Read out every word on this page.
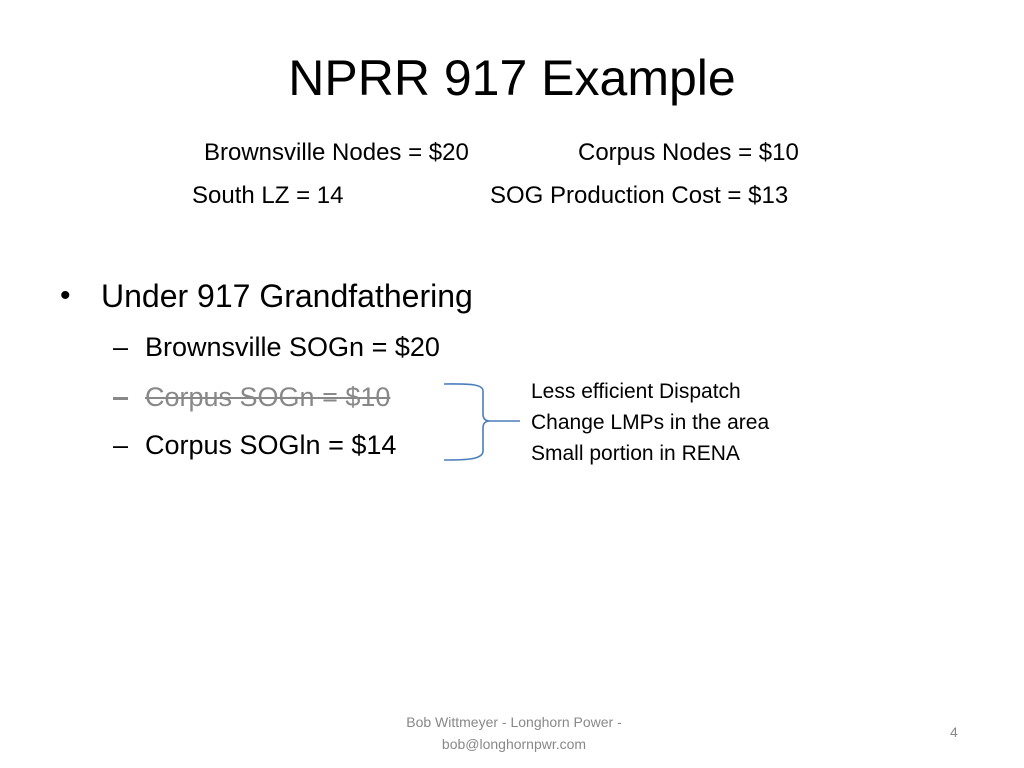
NPRR 917 Example
Brownsville Nodes = $20	Corpus Nodes = $10
South LZ = 14	SOG Production Cost = $13
• Under 917 Grandfathering
– Brownsville SOGn = $20
– Corpus SOGn = $10
– Corpus SOGln = $14
Less efficient Dispatch
Change LMPs in the area
Small portion in RENA
Bob Wittmeyer - Longhorn Power -
bob@longhornpwr.com
4
